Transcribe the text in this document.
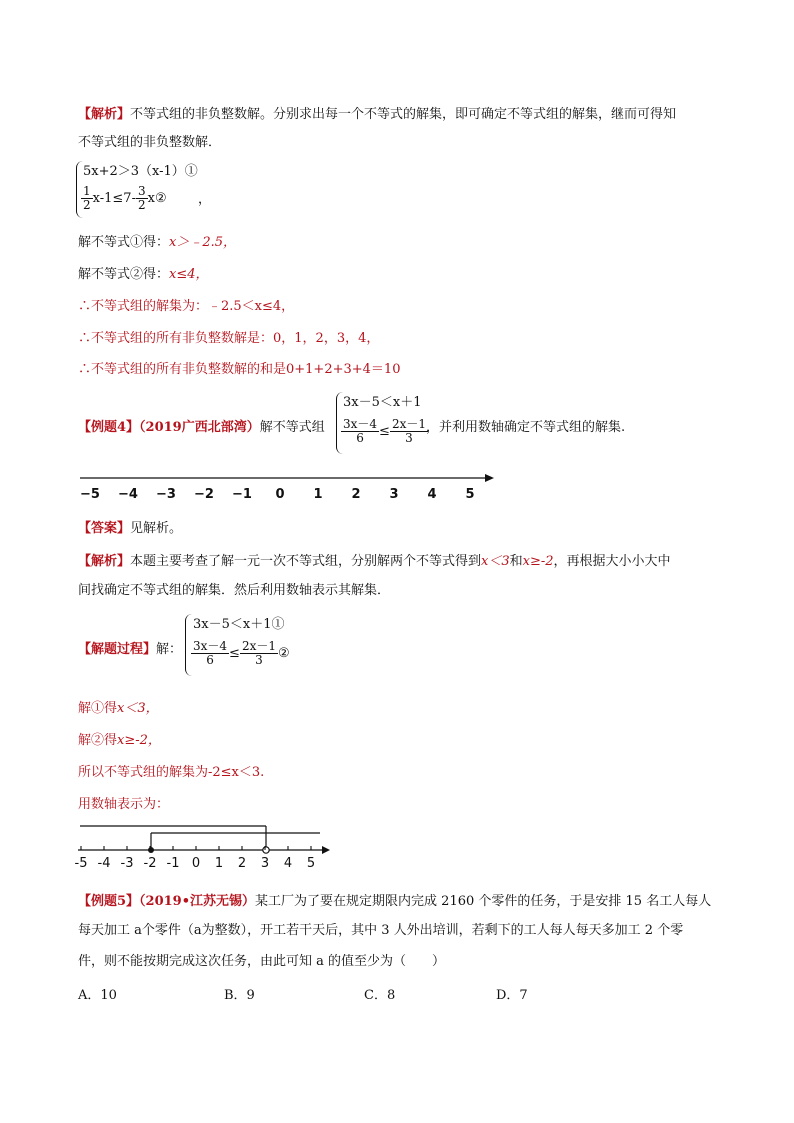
【解析】不等式组的非负整数解。分别求出每一个不等式的解集，即可确定不等式组的解集，继而可得知
不等式组的非负整数解．
5x+2＞3（x-1）①
$\frac{1}{2} x-1\le 7- \frac{3}{2}$ x② ，
解不等式①得：x＞﹣2.5，
解不等式②得：x≤4，
∴不等式组的解集为：﹣2.5＜x≤4，
∴不等式组的所有非负整数解是：0，1，2，3，4，
∴不等式组的所有非负整数解的和是0+1+2+3+4＝10
【例题4】（2019广西北部湾）解不等式组
3x－5＜x＋1
$\frac{3x-4}{6} \le \frac{2x-1}{3}$
，并利用数轴确定不等式组的解集.
−5 −4 −3 −2 −1 0 1 2 3 4 5
【答案】见解析。
【解析】本题主要考查了解一元一次不等式组，分别解两个不等式得到x＜3和x≥-2，再根据大小小大中
间找确定不等式组的解集．然后利用数轴表示其解集．
【解题过程】解：
3x－5＜x＋1①
$\frac{3x-4}{6} \le \frac{2x-1}{3}$ ②
解①得x＜3，
解②得x≥-2，
所以不等式组的解集为-2≤x＜3.
用数轴表示为：
-5 -4 -3 -2 -1 0 1 2 3 4 5
【例题5】（2019•江苏无锡）某工厂为了要在规定期限内完成 2160 个零件的任务，于是安排 15 名工人每人
每天加工 a个零件（a为整数），开工若干天后，其中 3 人外出培训，若剩下的工人每人每天多加工 2 个零
件，则不能按期完成这次任务，由此可知 a 的值至少为（　　）
A．10	B．9	C．8	D．7
